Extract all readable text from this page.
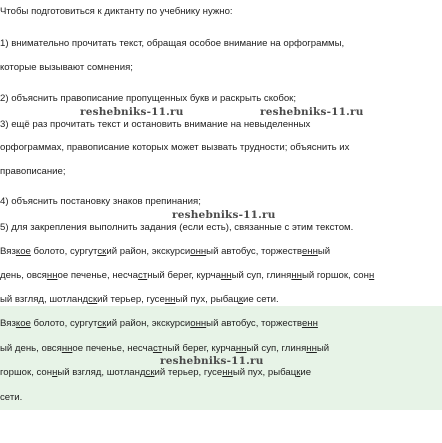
Чтобы подготовиться к диктанту по учебнику нужно:
1) внимательно прочитать текст, обращая особое внимание на орфограммы,
которые вызывают сомнения;
2) объяснить правописание пропущенных букв и раскрыть скобок;
3) ещё раз прочитать текст и остановить внимание на невыделенных
орфограммах, правописание которых может вызвать трудности; объяснить их
правописание;
4) объяснить постановку знаков препинания;
5) для закрепления выполнить задания (если есть), связанные с этим текстом.
Вязкое болото, сургутский район, экскурсионный автобус, торжественный
день, овсянное печенье, несчастный берег, курчанный суп, глинянный горшок, сонн
ый взгляд, шотландский терьер, гусенный пух, рыбацкие сети.
Вязкое болото, сургутский район, экскурсионный автобус, торжественн
ый день, овсянное печенье, несчастный берег, курчанный суп, глинянный
горшок, сонный взгляд, шотландский терьер, гусенный пух, рыбацкие
сети.
reshebniks-11.ru	reshebniks-11.ru
reshebniks-11.ru
reshebniks-11.ru
